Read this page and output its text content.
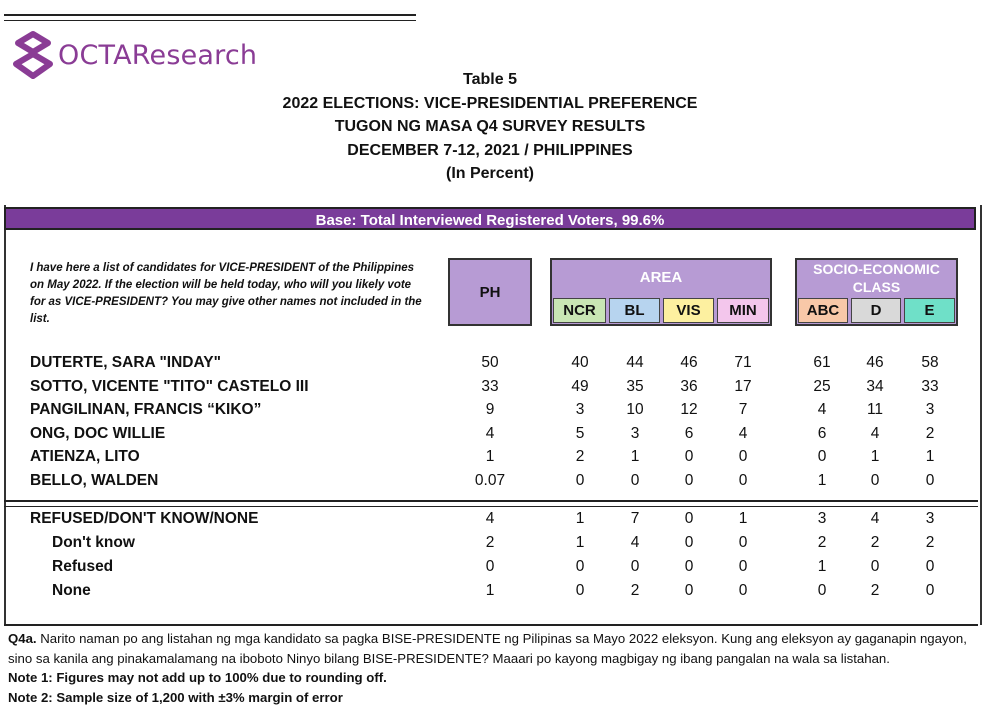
OCTAResearch
Table 5
2022 ELECTIONS: VICE-PRESIDENTIAL PREFERENCE
TUGON NG MASA Q4 SURVEY RESULTS
DECEMBER 7-12, 2021 / PHILIPPINES
(In Percent)
Base: Total Interviewed Registered Voters, 99.6%
I have here a list of candidates for VICE-PRESIDENT of the Philippines on May 2022. If the election will be held today, who will you likely vote for as VICE-PRESIDENT? You may give other names not included in the list.
PH
AREA	SOCIO-ECONOMIC CLASS
NCR	BL	VIS	MIN	ABC	D	E
DUTERTE, SARA "INDAY"	50	40	44	46	71	61	46	58
SOTTO, VICENTE "TITO" CASTELO III	33	49	35	36	17	25	34	33
PANGILINAN, FRANCIS “KIKO”	9	3	10	12	7	4	11	3
ONG, DOC WILLIE	4	5	3	6	4	6	4	2
ATIENZA, LITO	1	2	1	0	0	0	1	1
BELLO, WALDEN	0.07	0	0	0	0	1	0	0
REFUSED/DON'T KNOW/NONE	4	1	7	0	1	3	4	3
Don't know	2	1	4	0	0	2	2	2
Refused	0	0	0	0	0	1	0	0
None	1	0	2	0	0	0	2	0
Q4a. Narito naman po ang listahan ng mga kandidato sa pagka BISE-PRESIDENTE ng Pilipinas sa Mayo 2022 eleksyon. Kung ang eleksyon ay gaganapin ngayon, sino sa kanila ang pinakamalamang na iboboto Ninyo bilang BISE-PRESIDENTE? Maaari po kayong magbigay ng ibang pangalan na wala sa listahan.
Note 1: Figures may not add up to 100% due to rounding off.
Note 2: Sample size of 1,200 with ±3% margin of error
